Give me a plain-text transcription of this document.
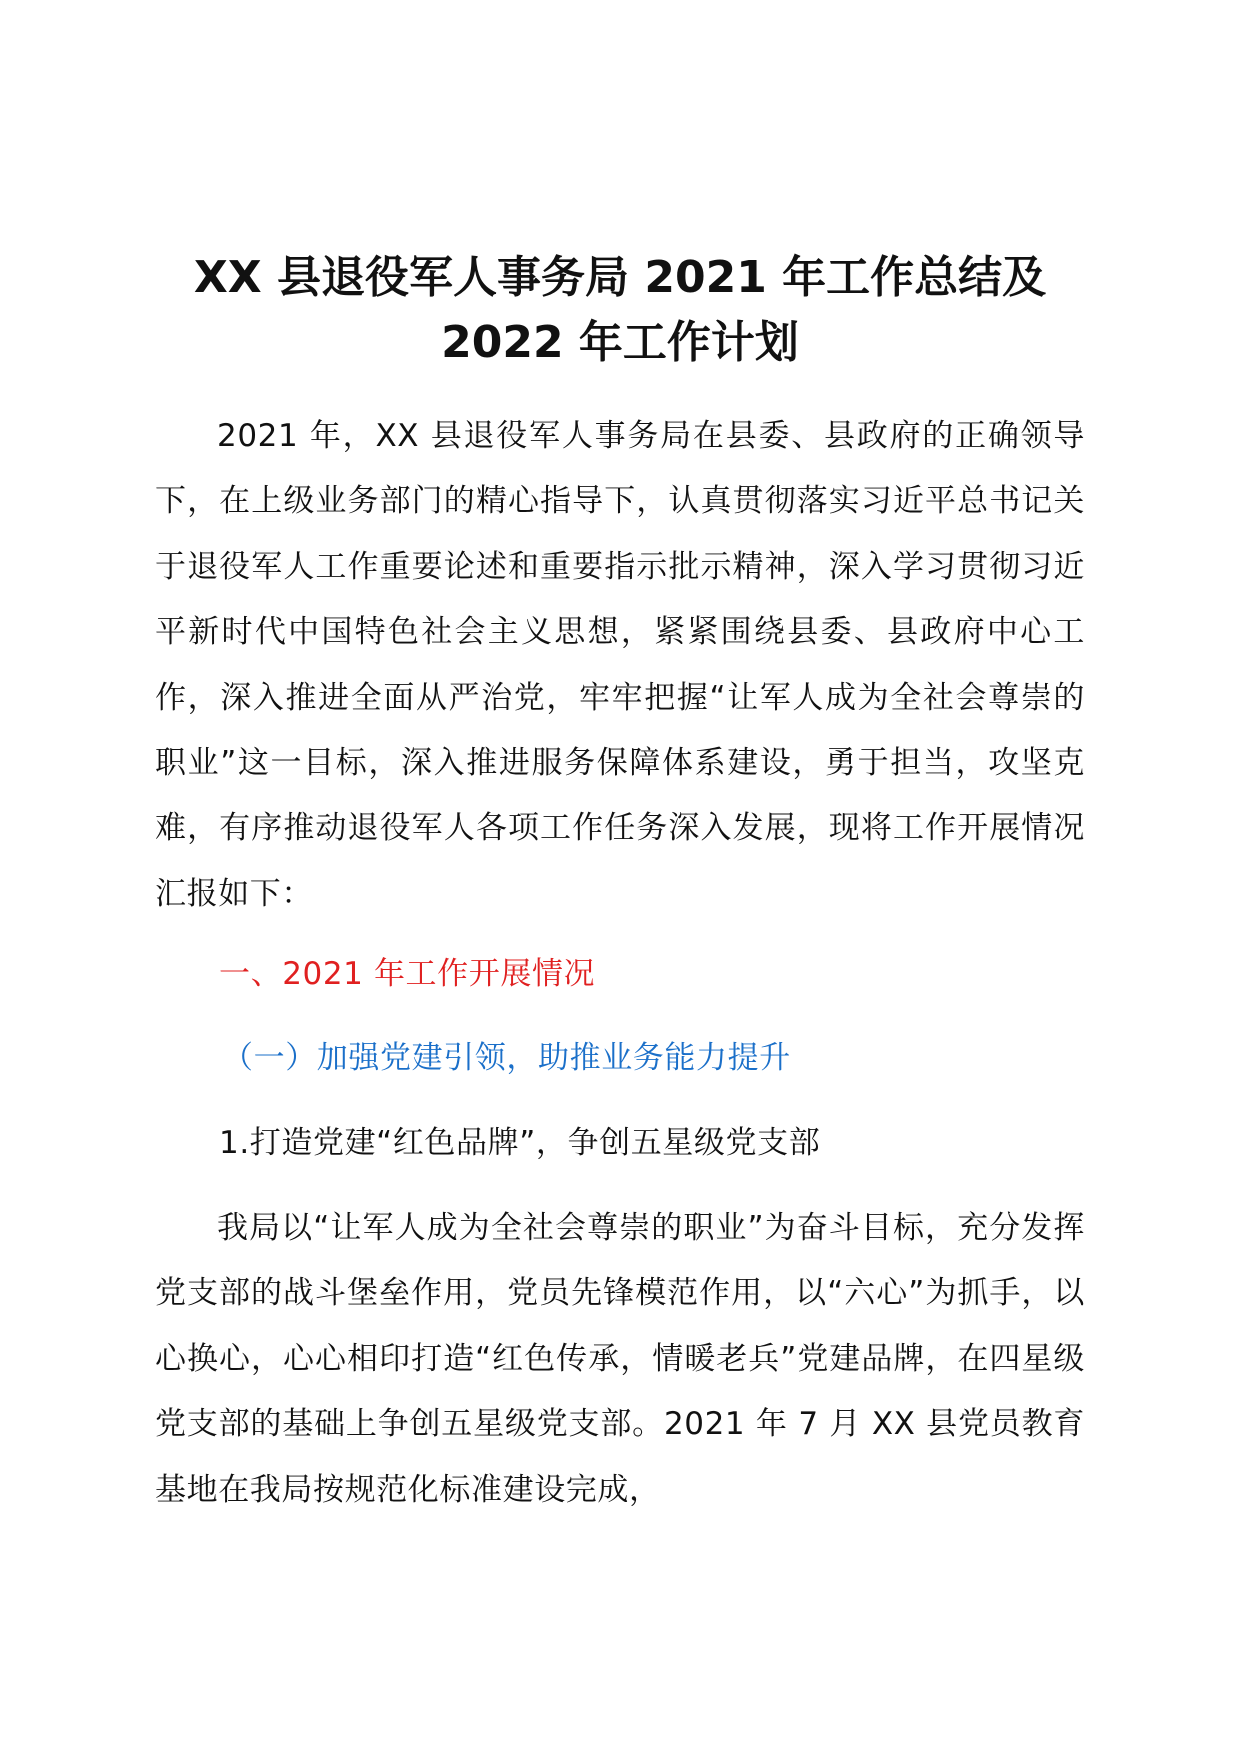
XX 县退役军人事务局 2021 年工作总结及
2022 年工作计划

2021 年，XX 县退役军人事务局在县委、县政府的正确领导下，在上级业务部门的精心指导下，认真贯彻落实习近平总书记关于退役军人工作重要论述和重要指示批示精神，深入学习贯彻习近平新时代中国特色社会主义思想，紧紧围绕县委、县政府中心工作，深入推进全面从严治党，牢牢把握“让军人成为全社会尊崇的职业”这一目标，深入推进服务保障体系建设，勇于担当，攻坚克难，有序推动退役军人各项工作任务深入发展，现将工作开展情况汇报如下：

一、2021 年工作开展情况
（一）加强党建引领，助推业务能力提升
1.打造党建“红色品牌”，争创五星级党支部

我局以“让军人成为全社会尊崇的职业”为奋斗目标，充分发挥党支部的战斗堡垒作用，党员先锋模范作用，以“六心”为抓手，以心换心，心心相印打造“红色传承，情暖老兵”党建品牌，在四星级党支部的基础上争创五星级党支部。2021 年 7 月 XX 县党员教育基地在我局按规范化标准建设完成，
